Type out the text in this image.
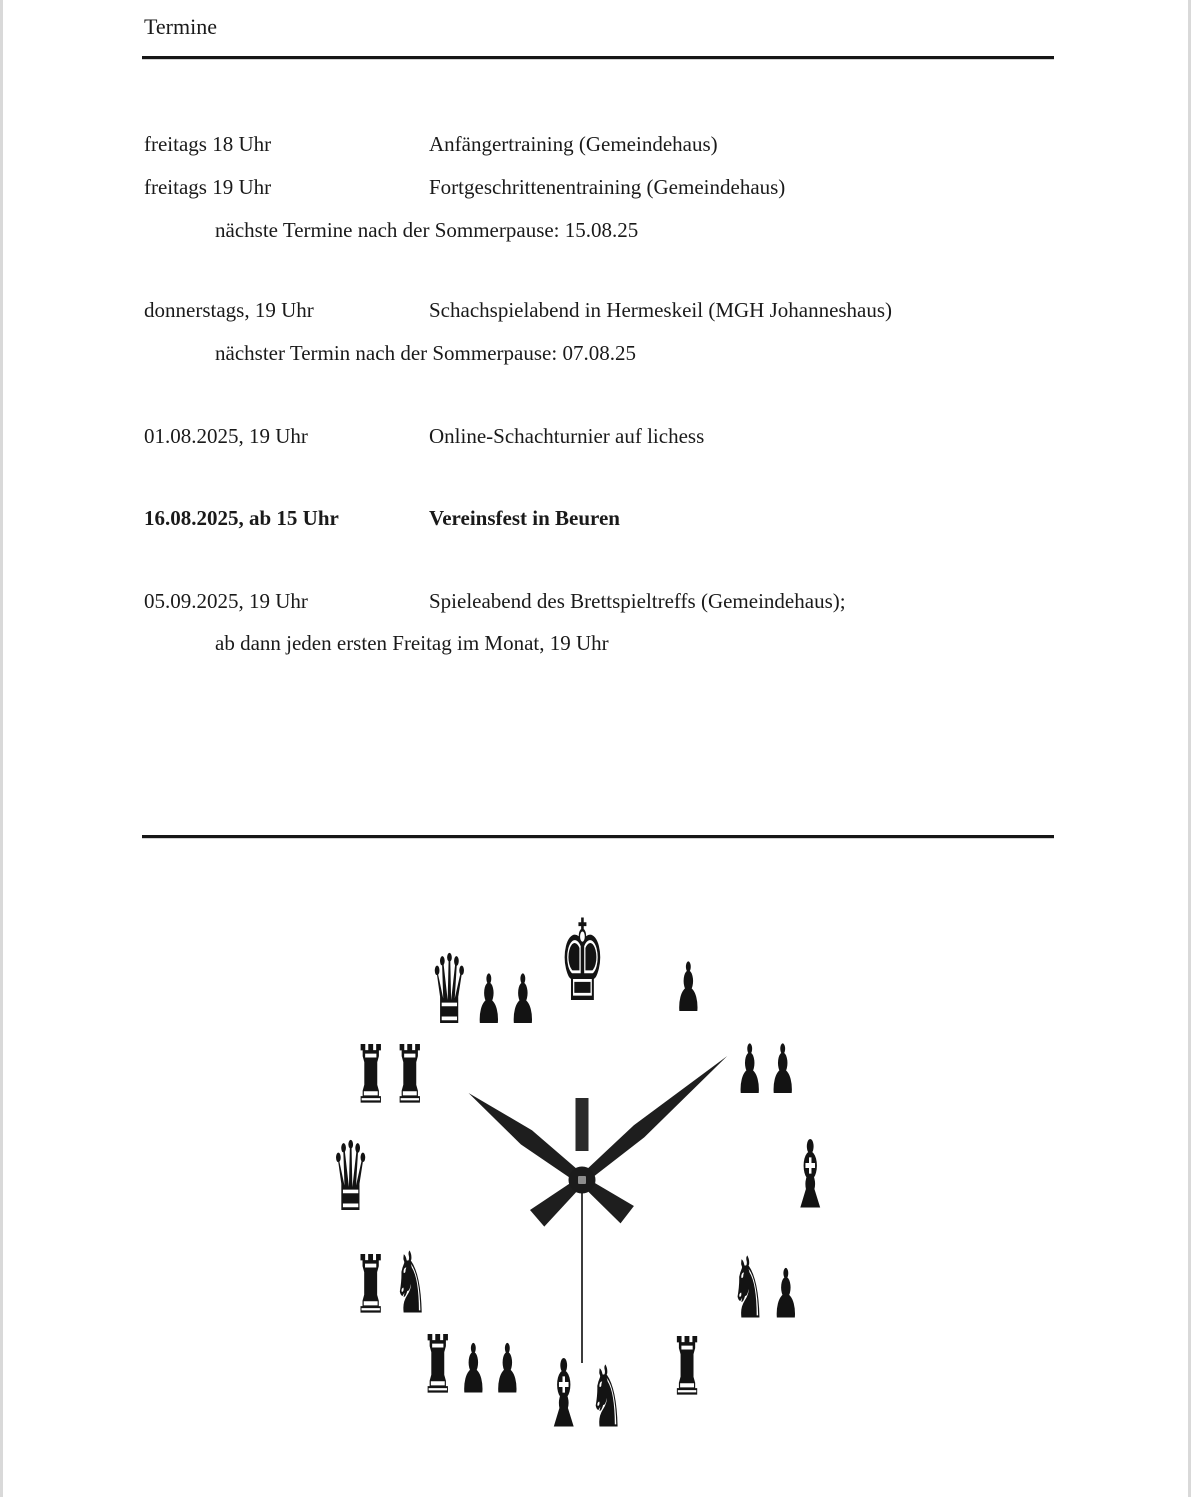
Termine
freitags 18 Uhr	Anfängertraining (Gemeindehaus)
freitags 19 Uhr	Fortgeschrittenentraining (Gemeindehaus)
nächste Termine nach der Sommerpause: 15.08.25
donnerstags, 19 Uhr	Schachspielabend in Hermeskeil (MGH Johanneshaus)
nächster Termin nach der Sommerpause: 07.08.25
01.08.2025, 19 Uhr	Online-Schachturnier auf lichess
16.08.2025, ab 15 Uhr	Vereinsfest in Beuren
05.09.2025, 19 Uhr	Spieleabend des Brettspieltreffs (Gemeindehaus);
ab dann jeden ersten Freitag im Monat, 19 Uhr
♚ ♟
♟ ♟
♝
♞ ♟
♜
♝ ♞
♜ ♟ ♟
♜ ♞
♛
♜ ♜
♛ ♟ ♟
